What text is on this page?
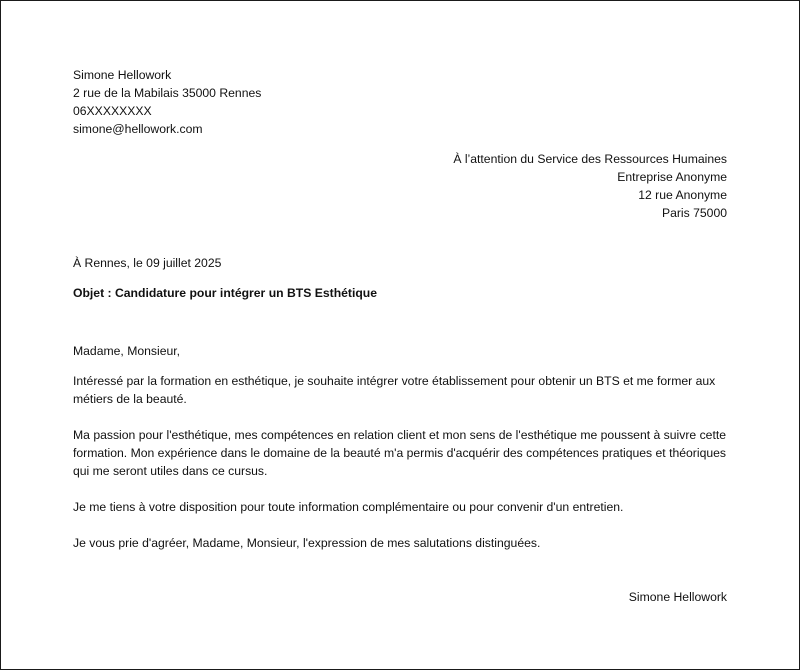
Simone Hellowork
2 rue de la Mabilais 35000 Rennes
06XXXXXXXX
simone@hellowork.com
À l’attention du Service des Ressources Humaines
Entreprise Anonyme
12 rue Anonyme
Paris 75000
À Rennes, le 09 juillet 2025
Objet : Candidature pour intégrer un BTS Esthétique
Madame, Monsieur,
Intéressé par la formation en esthétique, je souhaite intégrer votre établissement pour obtenir un BTS et me former aux métiers de la beauté.
Ma passion pour l'esthétique, mes compétences en relation client et mon sens de l'esthétique me poussent à suivre cette formation. Mon expérience dans le domaine de la beauté m'a permis d'acquérir des compétences pratiques et théoriques qui me seront utiles dans ce cursus.
Je me tiens à votre disposition pour toute information complémentaire ou pour convenir d'un entretien.
Je vous prie d'agréer, Madame, Monsieur, l'expression de mes salutations distinguées.
Simone Hellowork
